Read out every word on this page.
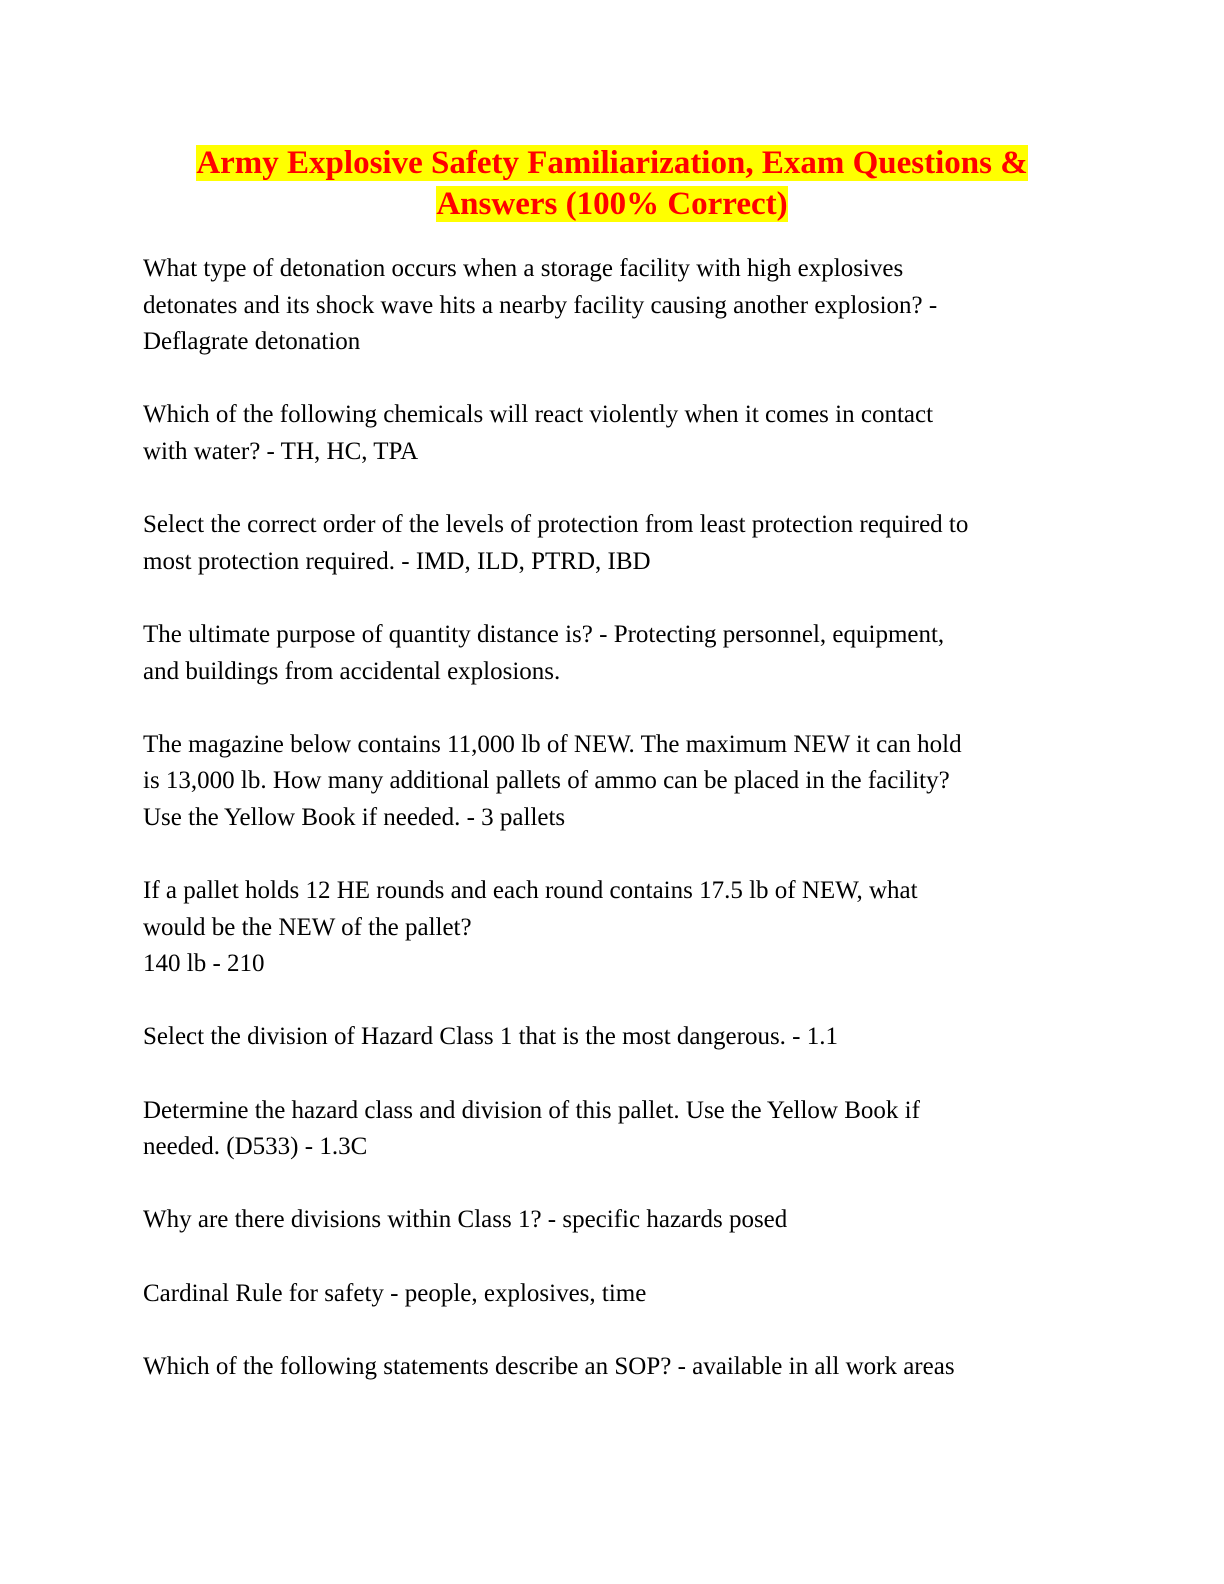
Army Explosive Safety Familiarization, Exam Questions &
Answers (100% Correct)

What type of detonation occurs when a storage facility with high explosives
detonates and its shock wave hits a nearby facility causing another explosion? -
Deflagrate detonation

Which of the following chemicals will react violently when it comes in contact
with water? - TH, HC, TPA

Select the correct order of the levels of protection from least protection required to
most protection required. - IMD, ILD, PTRD, IBD

The ultimate purpose of quantity distance is? - Protecting personnel, equipment,
and buildings from accidental explosions.

The magazine below contains 11,000 lb of NEW. The maximum NEW it can hold
is 13,000 lb. How many additional pallets of ammo can be placed in the facility?
Use the Yellow Book if needed. - 3 pallets

If a pallet holds 12 HE rounds and each round contains 17.5 lb of NEW, what
would be the NEW of the pallet?
140 lb - 210

Select the division of Hazard Class 1 that is the most dangerous. - 1.1

Determine the hazard class and division of this pallet. Use the Yellow Book if
needed. (D533) - 1.3C

Why are there divisions within Class 1? - specific hazards posed

Cardinal Rule for safety - people, explosives, time

Which of the following statements describe an SOP? - available in all work areas
